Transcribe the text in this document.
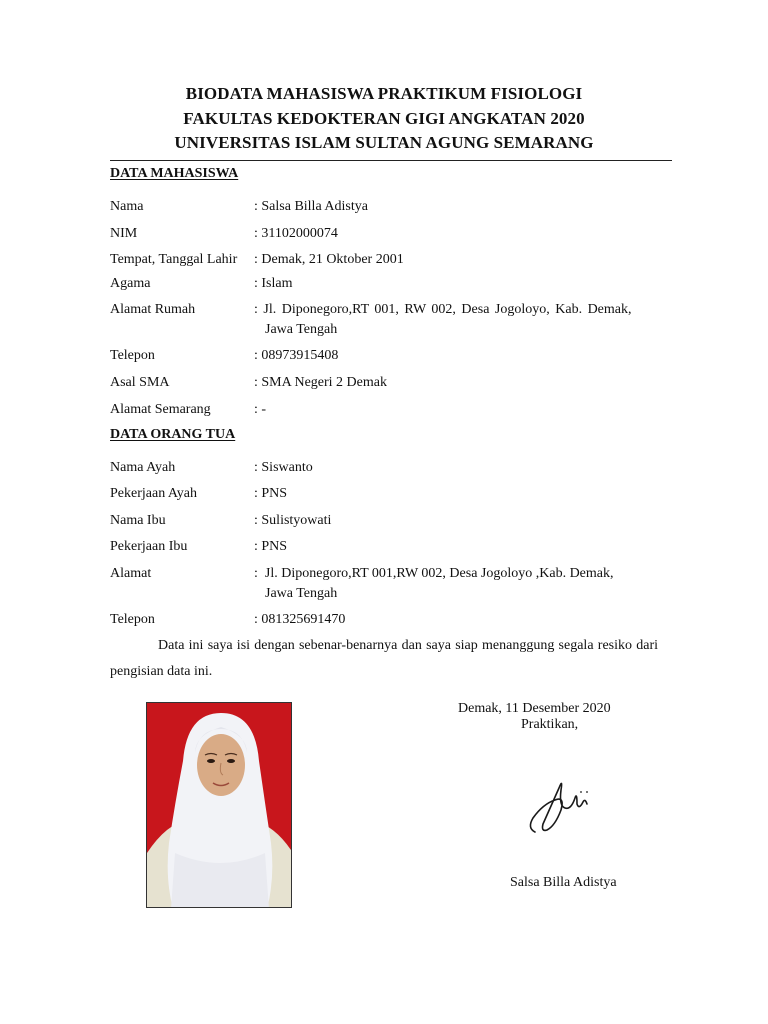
BIODATA MAHASISWA PRAKTIKUM FISIOLOGI
FAKULTAS KEDOKTERAN GIGI ANGKATAN 2020
UNIVERSITAS ISLAM SULTAN AGUNG SEMARANG
DATA MAHASISWA
Nama	: Salsa Billa Adistya
NIM	: 31102000074
Tempat, Tanggal Lahir : Demak, 21 Oktober 2001
Agama	: Islam
Alamat Rumah	: Jl. Diponegoro,RT 001, RW 002, Desa Jogoloyo, Kab. Demak,
Jawa Tengah
Telepon	: 08973915408
Asal SMA	: SMA Negeri 2 Demak
Alamat Semarang	: -
DATA ORANG TUA
Nama Ayah	: Siswanto
Pekerjaan Ayah	: PNS
Nama Ibu	: Sulistyowati
Pekerjaan Ibu	: PNS
Alamat	:  Jl. Diponegoro,RT 001,RW 002, Desa Jogoloyo ,Kab. Demak,
Jawa Tengah
Telepon	: 081325691470
Data ini saya isi dengan sebenar-benarnya dan saya siap menanggung segala resiko dari pengisian data ini.
Demak, 11 Desember 2020
Praktikan,
Salsa Billa Adistya
